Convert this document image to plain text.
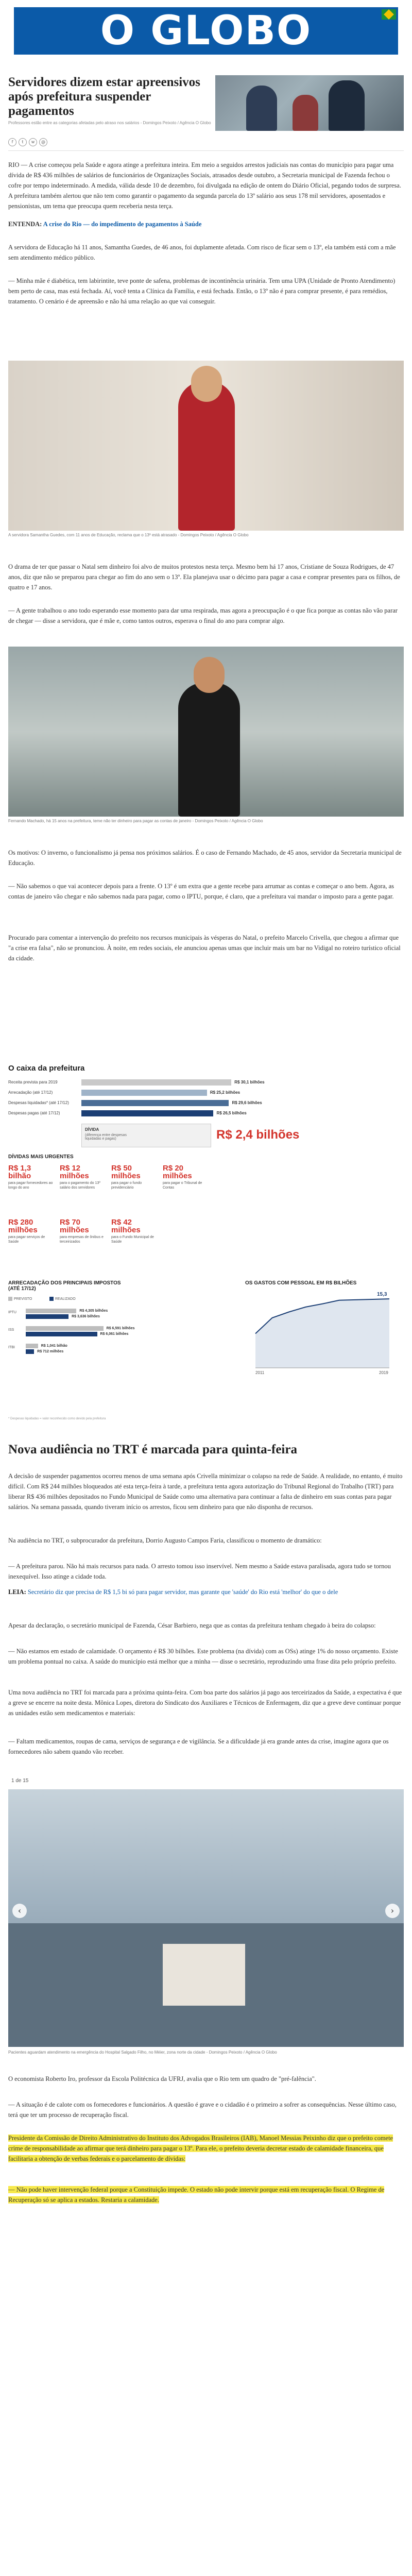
O GLOBO
Servidores dizem estar apreensivos após prefeitura suspender pagamentos
Professores estão entre as categorias afetadas pelo atraso nos salários - Domingos Peixoto / Agência O Globo
f	t	w	@

RIO — A crise começou pela Saúde e agora atinge a prefeitura inteira. Em meio a seguidos arrestos judiciais nas contas do município para pagar uma dívida de R$ 436 milhões de salários de funcionários de Organizações Sociais, atrasados desde outubro, a Secretaria municipal de Fazenda fechou o cofre por tempo indeterminado. A medida, válida desde 10 de dezembro, foi divulgada na edição de ontem do Diário Oficial, pegando todos de surpresa. A prefeitura também alertou que não tem como garantir o pagamento da segunda parcela do 13º salário aos seus 178 mil servidores, aposentados e pensionistas, um tema que preocupa quem receberia nesta terça.

ENTENDA: A crise do Rio — do impedimento de pagamentos à Saúde

A servidora de Educação há 11 anos, Samantha Guedes, de 46 anos, foi duplamente afetada. Com risco de ficar sem o 13º, ela também está com a mãe sem atendimento médico público.

— Minha mãe é diabética, tem labirintite, teve ponte de safena, problemas de incontinência urinária. Tem uma UPA (Unidade de Pronto Atendimento) bem perto de casa, mas está fechada. Aí, você tenta a Clínica da Família, e está fechada. Então, o 13º não é para comprar presente, é para remédios, tratamento. O cenário é de apreensão e não há uma relação ao que vai conseguir.

A servidora Samantha Guedes, com 11 anos de Educação, reclama que o 13º está atrasado - Domingos Peixoto / Agência O Globo

O drama de ter que passar o Natal sem dinheiro foi alvo de muitos protestos nesta terça. Mesmo bem há 17 anos, Cristiane de Souza Rodrigues, de 47 anos, diz que não se preparou para chegar ao fim do ano sem o 13º. Ela planejava usar o décimo para pagar a casa e comprar presentes para os filhos, de quatro e 17 anos.

— A gente trabalhou o ano todo esperando esse momento para dar uma respirada, mas agora a preocupação é o que fica porque as contas não vão parar de chegar — disse a servidora, que é mãe e, como tantos outros, esperava o final do ano para comprar algo.

Fernando Machado, há 15 anos na prefeitura, teme não ter dinheiro para pagar as contas de janeiro - Domingos Peixoto / Agência O Globo

Os motivos: O inverno, o funcionalismo já pensa nos próximos salários. É o caso de Fernando Machado, de 45 anos, servidor da Secretaria municipal de Educação.

— Não sabemos o que vai acontecer depois para a frente. O 13º é um extra que a gente recebe para arrumar as contas e começar o ano bem. Agora, as contas de janeiro vão chegar e não sabemos nada para pagar, como o IPTU, porque, é claro, que a prefeitura vai mandar o imposto para a gente pagar.

Procurado para comentar a intervenção do prefeito nos recursos municipais às vésperas do Natal, o prefeito Marcelo Crivella, que chegou a afirmar que "a crise era falsa", não se pronunciou. À noite, em redes sociais, ele anunciou apenas umas que incluir mais um bar no Vidigal no roteiro turístico oficial da cidade.

O caixa da prefeitura
Receita prevista para 2019	R$ 30,1 bilhões
Arrecadação (até 17/12)	R$ 25,2 bilhões
Despesas liquidadas* (até 17/12)	R$ 29,6 bilhões
Despesas pagas (até 17/12)	R$ 26,5 bilhões
DÍVIDA
(diferença entre despesas liquidadas e pagas)	R$ 2,4 bilhões
DÍVIDAS MAIS URGENTES
R$ 1,3 bilhão
para pagar fornecedores ao longo do ano
R$ 12 milhões
para o pagamento do 13º salário dos servidores
R$ 50 milhões
para pagar o fundo previdenciário
R$ 20 milhões
para pagar o Tribunal de Contas
R$ 280 milhões
para pagar serviços de Saúde
R$ 70 milhões
para empresas de ônibus e terceirizados
R$ 42 milhões
para o Fundo Municipal de Saúde
ARRECADAÇÃO DOS PRINCIPAIS IMPOSTOS (ATÉ 17/12)
PREVISTO	REALIZADO
IPTU	R$ 4,305 bilhões
R$ 3,636 bilhões
ISS	R$ 6,591 bilhões
R$ 6,061 bilhões
ITBI	R$ 1,041 bilhão
R$ 712 milhões
OS GASTOS COM PESSOAL EM R$ BILHÕES
2011	2019
15,3
* Despesas liquidadas = valor reconhecido como devido pela prefeitura
Nova audiência no TRT é marcada para quinta-feira

A decisão de suspender pagamentos ocorreu menos de uma semana após Crivella minimizar o colapso na rede de Saúde. A realidade, no entanto, é muito difícil. Com R$ 244 milhões bloqueados até esta terça-feira à tarde, a prefeitura tenta agora autorização do Tribunal Regional do Trabalho (TRT) para liberar R$ 436 milhões depositados no Fundo Municipal de Saúde como uma alternativa para continuar a falta de dinheiro em suas contas para pagar salários. Na semana passada, quando tiveram início os arrestos, ficou sem dinheiro para que não disponha de recursos.

Na audiência no TRT, o subprocurador da prefeitura, Dorrio Augusto Campos Faria, classificou o momento de dramático:

— A prefeitura parou. Não há mais recursos para nada. O arresto tomou isso inservível. Nem mesmo a Saúde estava paralisada, agora tudo se tornou inexequível. Isso atinge a cidade toda.

LEIA: Secretário diz que precisa de R$ 1,5 bi só para pagar servidor, mas garante que 'saúde' do Rio está 'melhor' do que o dele

Apesar da declaração, o secretário municipal de Fazenda, César Barbiero, nega que as contas da prefeitura tenham chegado à beira do colapso:

— Não estamos em estado de calamidade. O orçamento é R$ 30 bilhões. Este problema (na dívida) com as OSs) atinge 1% do nosso orçamento. Existe um problema pontual no caixa. A saúde do município está melhor que a minha — disse o secretário, reproduzindo uma frase dita pelo próprio prefeito.

Uma nova audiência no TRT foi marcada para a próxima quinta-feira. Com boa parte dos salários já pago aos terceirizados da Saúde, a expectativa é que a greve se encerre na noite desta. Mônica Lopes, diretora do Sindicato dos Auxiliares e Técnicos de Enfermagem, diz que a greve deve continuar porque as unidades estão sem medicamentos e materiais:

— Faltam medicamentos, roupas de cama, serviços de segurança e de vigilância. Se a dificuldade já era grande antes da crise, imagine agora que os fornecedores não sabem quando vão receber.

1 de 15
‹	›
Pacientes aguardam atendimento na emergência do Hospital Salgado Filho, no Méier, zona norte da cidade - Domingos Peixoto / Agência O Globo

O economista Roberto Iro, professor da Escola Politécnica da UFRJ, avalia que o Rio tem um quadro de "pré-falência".

— A situação é de calote com os fornecedores e funcionários. A questão é grave e o cidadão é o primeiro a sofrer as consequências. Nesse último caso, terá que ter um processo de recuperação fiscal.

Presidente da Comissão de Direito Administrativo do Instituto dos Advogados Brasileiros (IAB), Manoel Messias Peixinho diz que o prefeito comete crime de responsabilidade ao afirmar que terá dinheiro para pagar o 13º. Para ele, o prefeito deveria decretar estado de calamidade financeira, que facilitaria a obtenção de verbas federais e o parcelamento de dívidas:

— Não pode haver intervenção federal porque a Constituição impede. O estado não pode intervir porque está em recuperação fiscal. O Regime de Recuperação só se aplica a estados. Restaria a calamidade.
